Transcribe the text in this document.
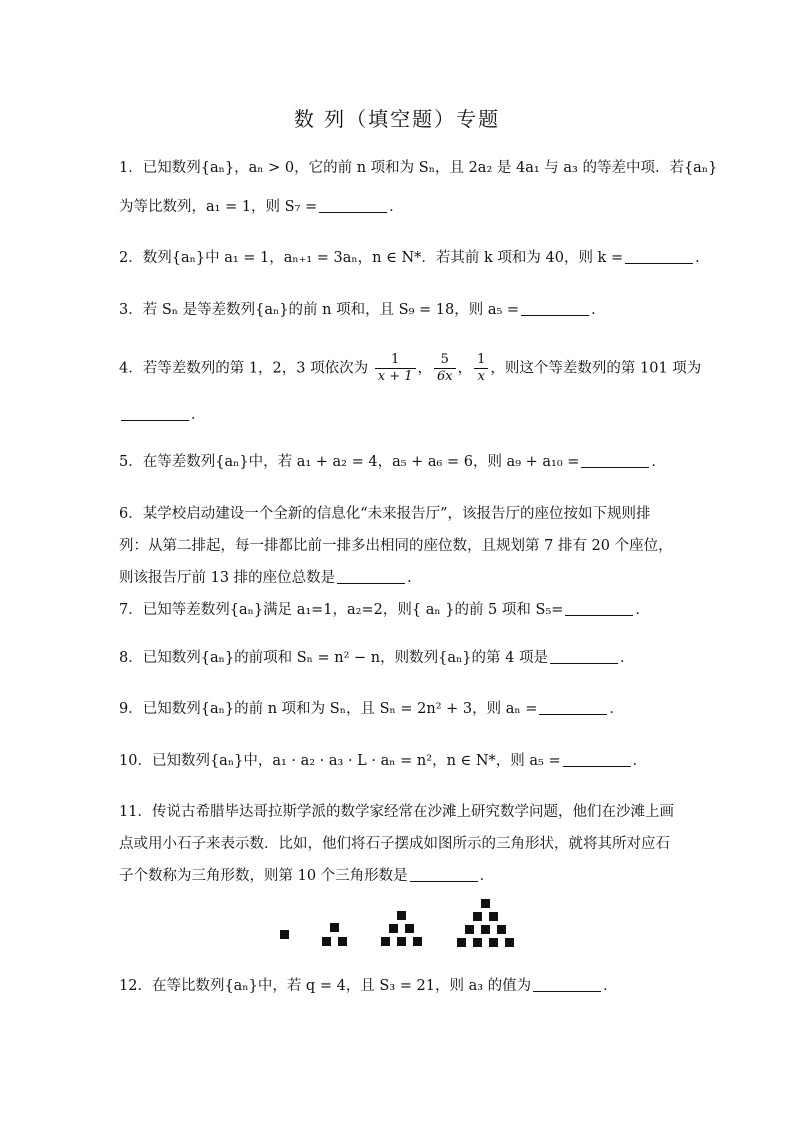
数 列（填空题）专题
1．已知数列{aₙ}，aₙ > 0，它的前 n 项和为 Sₙ，且 2a₂ 是 4a₁ 与 a₃ 的等差中项．若{aₙ}
为等比数列，a₁ = 1，则 S₇ =	．
2．数列{aₙ}中 a₁ = 1，aₙ₊₁ = 3aₙ，n ∈ N*．若其前 k 项和为 40，则 k =	．
3．若 Sₙ 是等差数列{aₙ}的前 n 项和，且 S₉ = 18，则 a₅ =	．
4．若等差数列的第 1，2，3 项依次为 $\frac{1}{x + 1}$ ， $\frac{5}{6x}$ ， $\frac{1}{x}$ ，则这个等差数列的第 101 项为
．
5．在等差数列{aₙ}中，若 a₁ + a₂ = 4，a₅ + a₆ = 6，则 a₉ + a₁₀ =	．
6．某学校启动建设一个全新的信息化“未来报告厅”，该报告厅的座位按如下规则排列：从第二排起，每一排都比前一排多出相同的座位数，且规划第 7 排有 20 个座位，则该报告厅前 13 排的座位总数是	．
7．已知等差数列{aₙ}满足 a₁=1，a₂=2，则{ aₙ }的前 5 项和 S₅=	．
8．已知数列{aₙ}的前项和 Sₙ = n² − n，则数列{aₙ}的第 4 项是	．
9．已知数列{aₙ}的前 n 项和为 Sₙ，且 Sₙ = 2n² + 3，则 aₙ =	．
10．已知数列{aₙ}中，a₁ · a₂ · a₃ · L · aₙ = n²，n ∈ N*，则 a₅ =	．
11．传说古希腊毕达哥拉斯学派的数学家经常在沙滩上研究数学问题，他们在沙滩上画点或用小石子来表示数．比如，他们将石子摆成如图所示的三角形状，就将其所对应石子个数称为三角形数，则第 10 个三角形数是	．
12．在等比数列{aₙ}中，若 q = 4，且 S₃ = 21，则 a₃ 的值为	．
